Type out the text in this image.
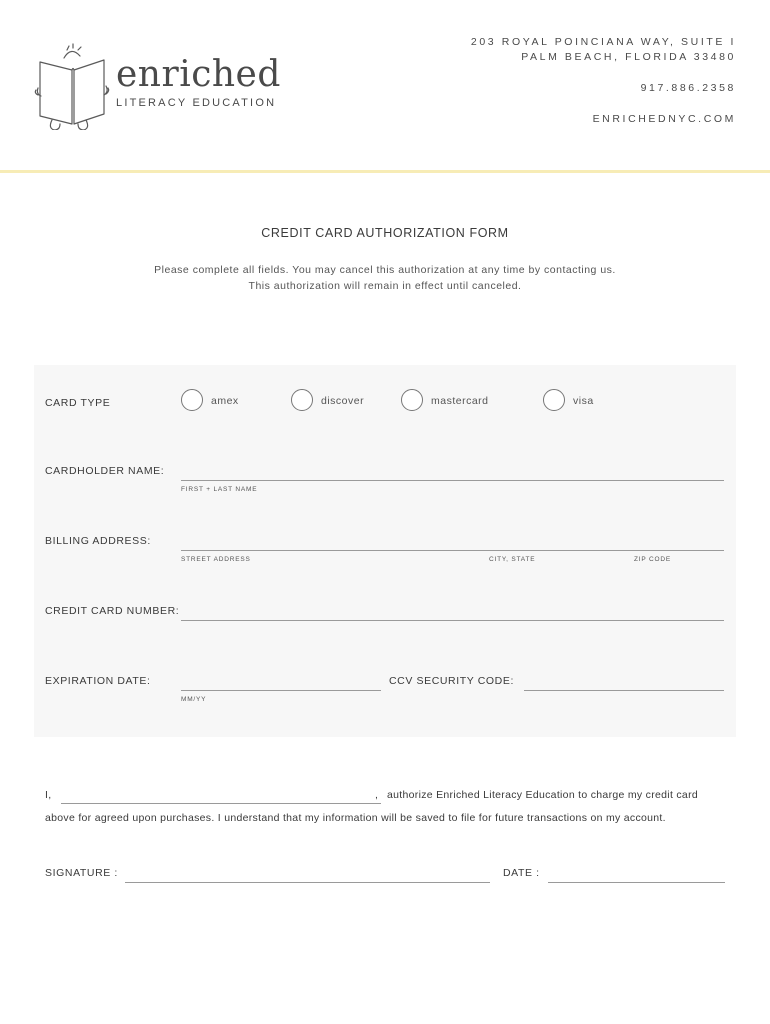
enriched
LITERACY EDUCATION
203 ROYAL POINCIANA WAY, SUITE I
PALM BEACH, FLORIDA 33480
917.886.2358
ENRICHEDNYC.COM
CREDIT CARD AUTHORIZATION FORM
Please complete all fields. You may cancel this authorization at any time by contacting us.
This authorization will remain in effect until canceled.
CARD TYPE	amex	discover	mastercard	visa
CARDHOLDER NAME:
FIRST + LAST NAME
BILLING ADDRESS:
STREET ADDRESS	CITY, STATE	ZIP CODE
CREDIT CARD NUMBER:
EXPIRATION DATE:
MM/YY
CCV SECURITY CODE:
I,	, authorize Enriched Literacy Education to charge my credit card
above for agreed upon purchases. I understand that my information will be saved to file for future transactions on my account.
SIGNATURE :	DATE :
